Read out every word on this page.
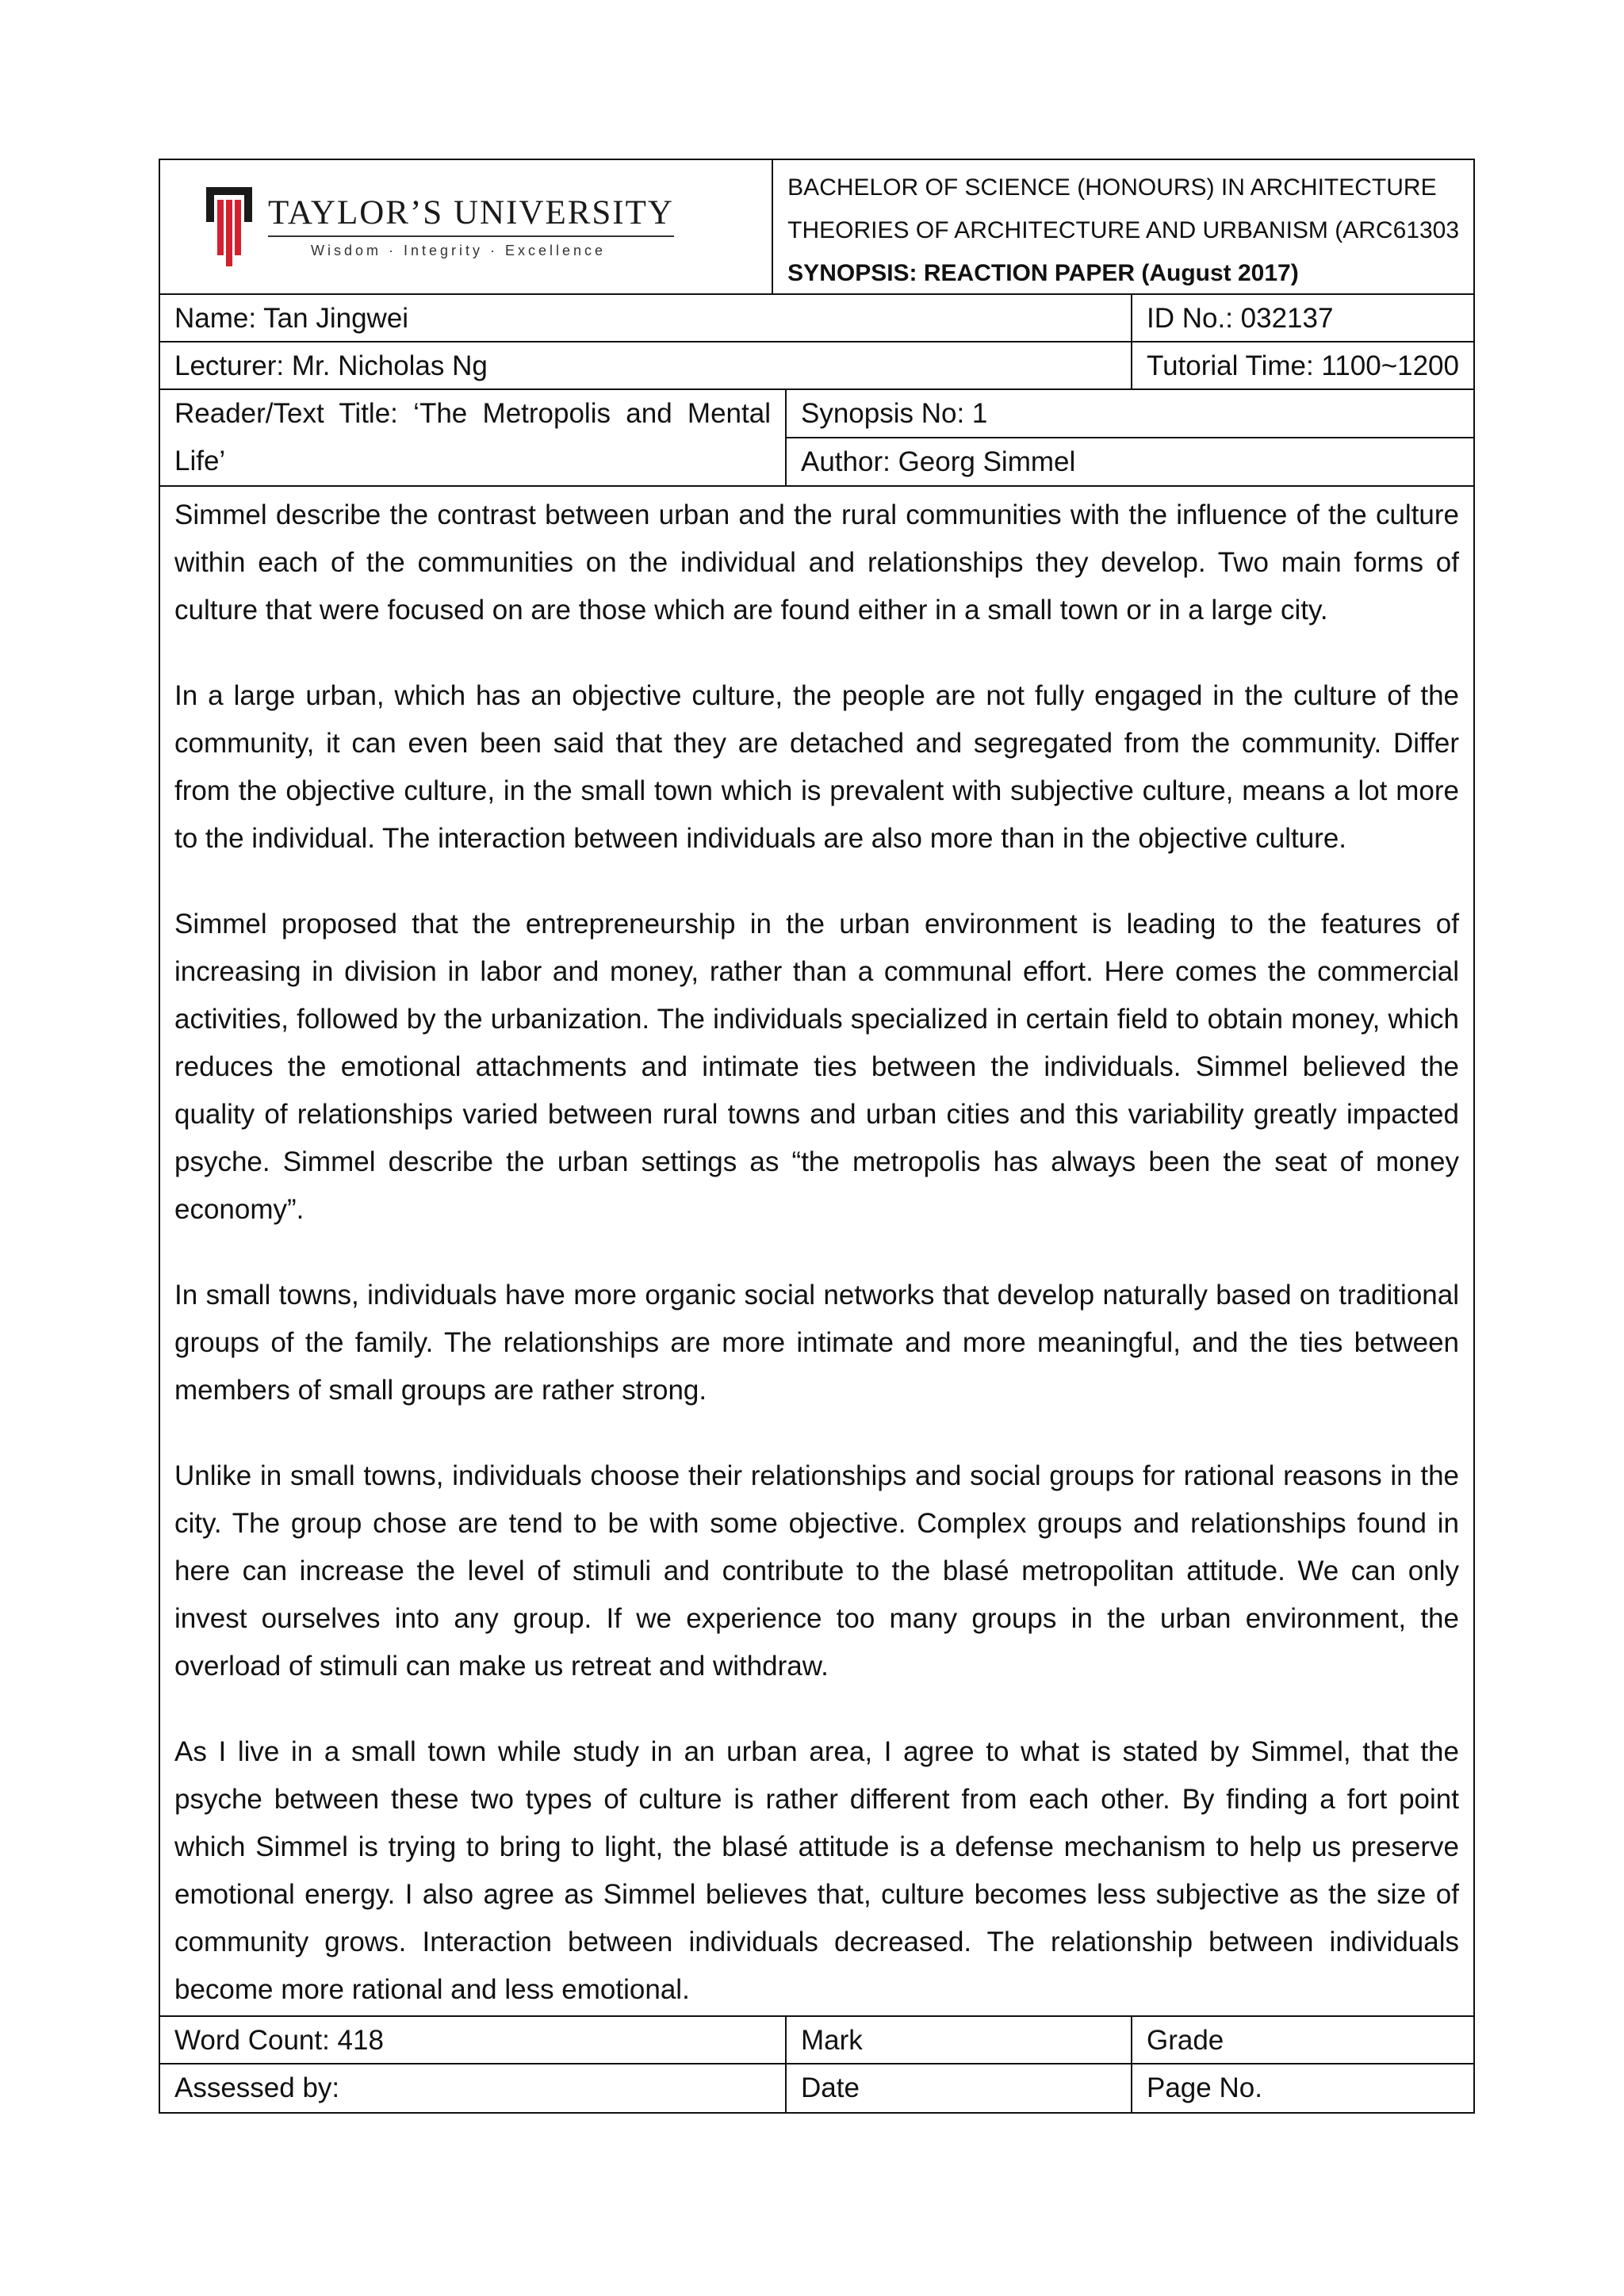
TAYLOR’S UNIVERSITY
Wisdom · Integrity · Excellence
BACHELOR OF SCIENCE (HONOURS) IN ARCHITECTURE
THEORIES OF ARCHITECTURE AND URBANISM (ARC61303
SYNOPSIS: REACTION PAPER (August 2017)
Name: Tan Jingwei	ID No.: 032137
Lecturer: Mr. Nicholas Ng	Tutorial Time: 1100~1200
Reader/Text Title: ‘The Metropolis and Mental Life’
Synopsis No: 1
Author: Georg Simmel

Simmel describe the contrast between urban and the rural communities with the influence of the culture within each of the communities on the individual and relationships they develop. Two main forms of culture that were focused on are those which are found either in a small town or in a large city.

In a large urban, which has an objective culture, the people are not fully engaged in the culture of the community, it can even been said that they are detached and segregated from the community. Differ from the objective culture, in the small town which is prevalent with subjective culture, means a lot more to the individual. The interaction between individuals are also more than in the objective culture.

Simmel proposed that the entrepreneurship in the urban environment is leading to the features of increasing in division in labor and money, rather than a communal effort. Here comes the commercial activities, followed by the urbanization. The individuals specialized in certain field to obtain money, which reduces the emotional attachments and intimate ties between the individuals. Simmel believed the quality of relationships varied between rural towns and urban cities and this variability greatly impacted psyche. Simmel describe the urban settings as “the metropolis has always been the seat of money economy”.

In small towns, individuals have more organic social networks that develop naturally based on traditional groups of the family. The relationships are more intimate and more meaningful, and the ties between members of small groups are rather strong.

Unlike in small towns, individuals choose their relationships and social groups for rational reasons in the city. The group chose are tend to be with some objective. Complex groups and relationships found in here can increase the level of stimuli and contribute to the blasé metropolitan attitude. We can only invest ourselves into any group. If we experience too many groups in the urban environment, the overload of stimuli can make us retreat and withdraw.

As I live in a small town while study in an urban area, I agree to what is stated by Simmel, that the psyche between these two types of culture is rather different from each other. By finding a fort point which Simmel is trying to bring to light, the blasé attitude is a defense mechanism to help us preserve emotional energy. I also agree as Simmel believes that, culture becomes less subjective as the size of community grows. Interaction between individuals decreased. The relationship between individuals become more rational and less emotional.

Word Count: 418	Mark	Grade
Assessed by:	Date	Page No.
